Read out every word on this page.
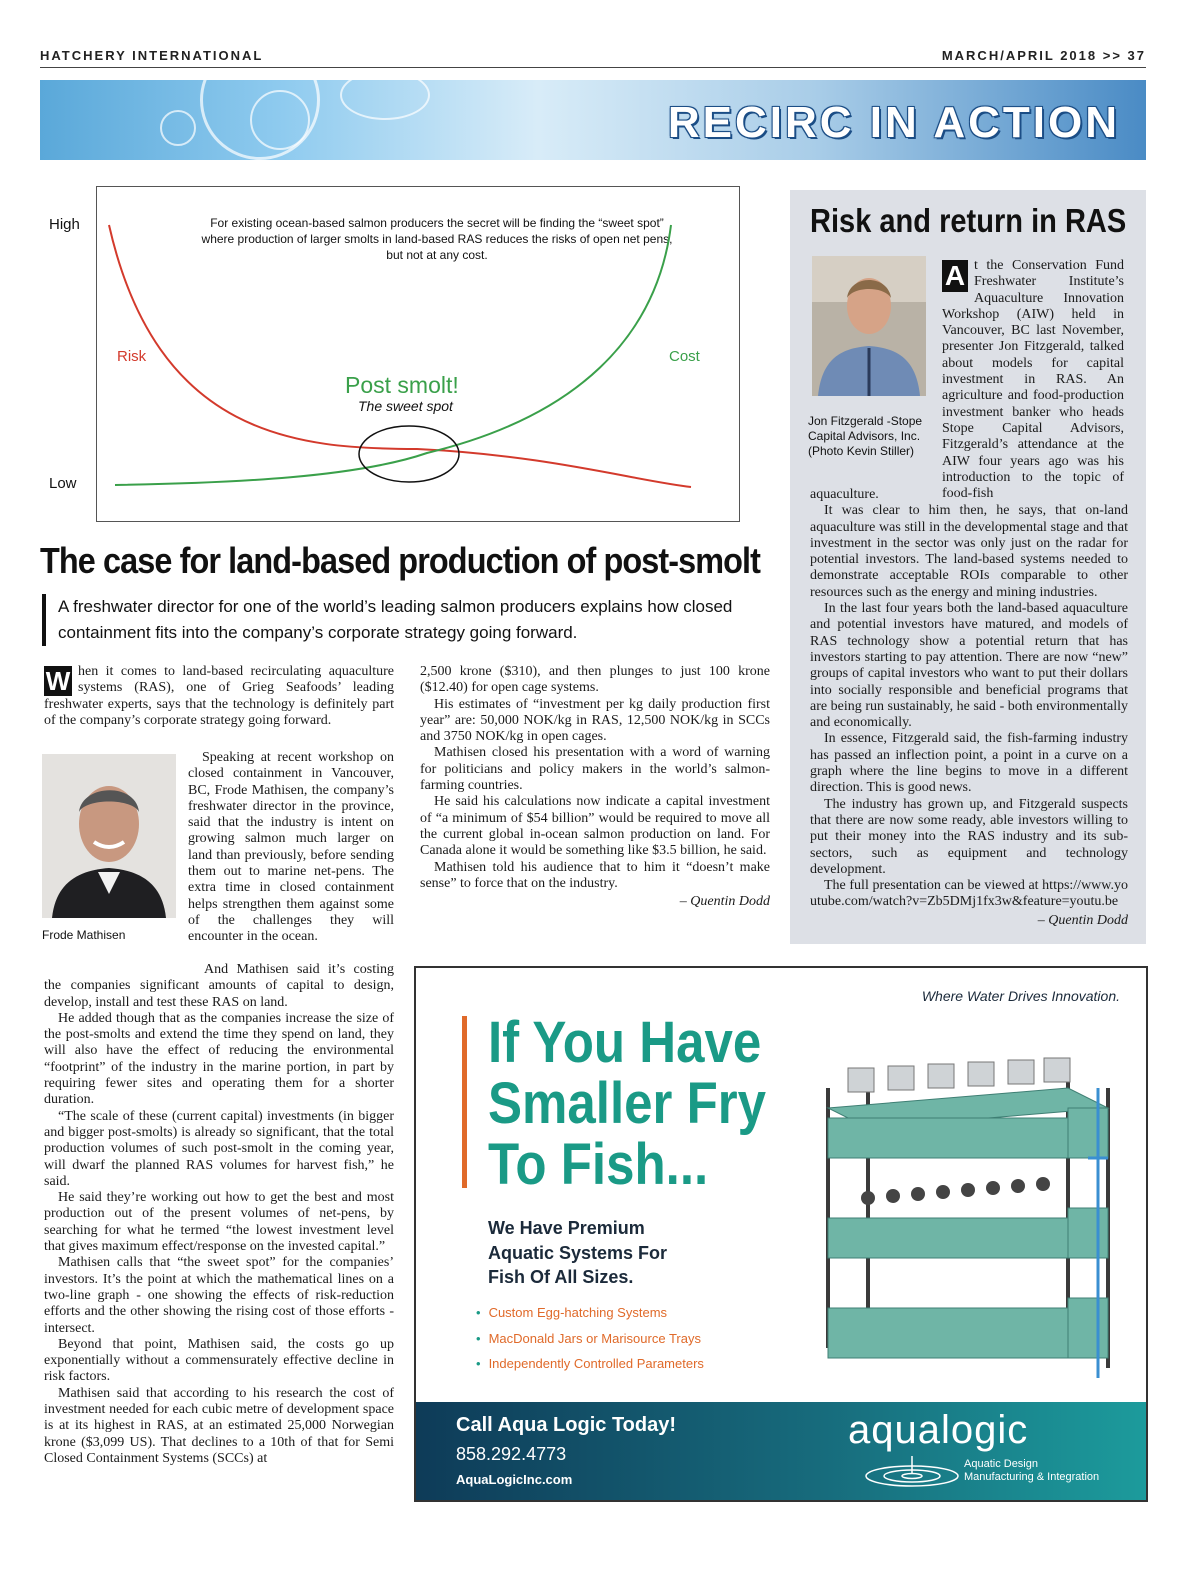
HATCHERY INTERNATIONAL	MARCH/APRIL 2018 >> 37
RECIRC IN ACTION
High
Low
For existing ocean-based salmon producers the secret will be finding the “sweet spot” where production of larger smolts in land-based RAS reduces the risks of open net pens, but not at any cost.
Risk	Cost
Post smolt!
The sweet spot
The case for land-based production of post-smolt
A freshwater director for one of the world’s leading salmon producers explains how closed containment fits into the company’s corporate strategy going forward.
W hen it comes to land-based recirculating aquaculture systems (RAS), one of Grieg Seafoods’ leading freshwater experts, says that the technology is definitely part of the company’s corporate strategy going forward.
Frode Mathisen

Speaking at recent workshop on closed containment in Vancouver, BC, Frode Mathisen, the company’s freshwater director in the province, said that the industry is intent on growing salmon much larger on land than previously, before sending them out to marine net-pens. The extra time in closed containment helps strengthen them against some of the challenges they will encounter in the ocean.

And Mathisen said it’s costing the companies significant amounts of capital to design, develop, install and test these RAS on land.

He added though that as the companies increase the size of the post-smolts and extend the time they spend on land, they will also have the effect of reducing the environmental “footprint” of the industry in the marine portion, in part by requiring fewer sites and operating them for a shorter duration.

“The scale of these (current capital) investments (in bigger and bigger post-smolts) is already so significant, that the total production volumes of such post-smolt in the coming year, will dwarf the planned RAS volumes for harvest fish,” he said.

He said they’re working out how to get the best and most production out of the present volumes of net-pens, by searching for what he termed “the lowest investment level that gives maximum effect/response on the invested capital.”

Mathisen calls that “the sweet spot” for the companies’ investors. It’s the point at which the mathematical lines on a two-line graph - one showing the effects of risk-reduction efforts and the other showing the rising cost of those efforts - intersect.

Beyond that point, Mathisen said, the costs go up exponentially without a commensurately effective decline in risk factors.

Mathisen said that according to his research the cost of investment needed for each cubic metre of development space is at its highest in RAS, at an estimated 25,000 Norwegian krone ($3,099 US). That declines to a 10th of that for Semi Closed Containment Systems (SCCs) at

2,500 krone ($310), and then plunges to just 100 krone ($12.40) for open cage systems.

His estimates of “investment per kg daily production first year” are: 50,000 NOK/kg in RAS, 12,500 NOK/kg in SCCs and 3750 NOK/kg in open cages.

Mathisen closed his presentation with a word of warning for politicians and policy makers in the world’s salmon-farming countries.

He said his calculations now indicate a capital investment of “a minimum of $54 billion” would be required to move all the current global in-ocean salmon production on land. For Canada alone it would be something like $3.5 billion, he said.

Mathisen told his audience that to him it “doesn’t make sense” to force that on the industry.

– Quentin Dodd
Risk and return in RAS
Jon Fitzgerald -Stope Capital Advisors, Inc. (Photo Kevin Stiller)
A t the Conservation Fund Freshwater Institute’s Aquaculture Innovation Workshop (AIW) held in Vancouver, BC last November, presenter Jon Fitzgerald, talked about models for capital investment in RAS. An agriculture and food-production investment banker who heads Stope Capital Advisors, Fitzgerald’s attendance at the AIW four years ago was his introduction to the topic of food-fish

aquaculture.

It was clear to him then, he says, that on-land aquaculture was still in the developmental stage and that investment in the sector was only just on the radar for potential investors. The land-based systems needed to demonstrate acceptable ROIs comparable to other resources such as the energy and mining industries.

In the last four years both the land-based aquaculture and potential investors have matured, and models of RAS technology show a potential return that has investors starting to pay attention. There are now “new” groups of capital investors who want to put their dollars into socially responsible and beneficial programs that are being run sustainably, he said - both environmentally and economically.

In essence, Fitzgerald said, the fish-farming industry has passed an inflection point, a point in a curve on a graph where the line begins to move in a different direction. This is good news.

The industry has grown up, and Fitzgerald suspects that there are now some ready, able investors willing to put their money into the RAS industry and its sub-sectors, such as equipment and technology development.

The full presentation can be viewed at https://www.youtube.com/watch?v=Zb5DMj1fx3w&feature=youtu.be

– Quentin Dodd
Where Water Drives Innovation.
If You Have
Smaller Fry
To Fish...
We Have Premium
Aquatic Systems For
Fish Of All Sizes.
• Custom Egg-hatching Systems
• MacDonald Jars or Marisource Trays
• Independently Controlled Parameters
Call Aqua Logic Today!
858.292.4773
AquaLogicInc.com
aqualogic
Aquatic Design
Manufacturing & Integration
